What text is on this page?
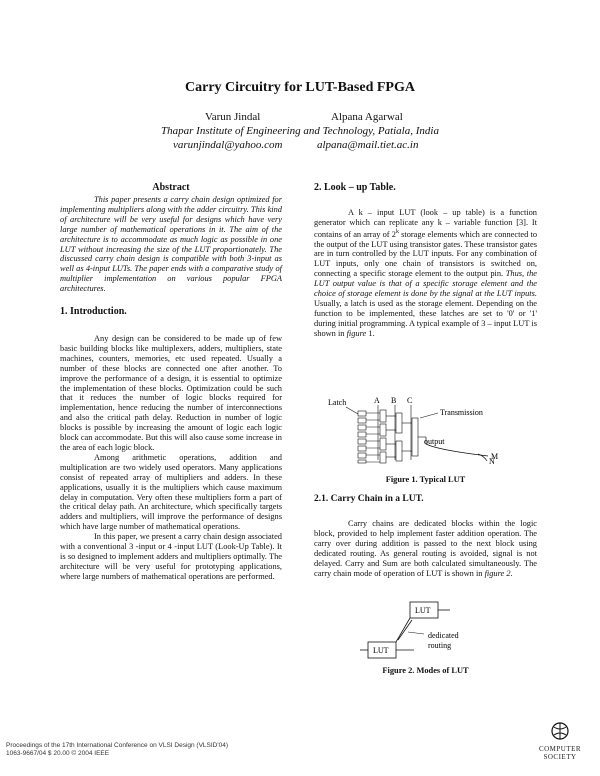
Carry Circuitry for LUT-Based FPGA
Varun Jindal	Alpana Agarwal
Thapar Institute of Engineering and Technology, Patiala, India
varunjindal@yahoo.com	alpana@mail.tiet.ac.in
Abstract

This paper presents a carry chain design optimized for implementing multipliers along with the adder circuitry. This kind of architecture will be very useful for designs which have very large number of mathematical operations in it. The aim of the architecture is to accommodate as much logic as possible in one LUT without increasing the size of the LUT proportionately. The discussed carry chain design is compatible with both 3-input as well as 4-input LUTs. The paper ends with a comparative study of multiplier implementation on various popular FPGA architectures.

1. Introduction.

Any design can be considered to be made up of few basic building blocks like multiplexers, adders, multipliers, state machines, counters, memories, etc used repeated. Usually a number of these blocks are connected one after another. To improve the performance of a design, it is essential to optimize the implementation of these blocks. Optimization could be such that it reduces the number of logic blocks required for implementation, hence reducing the number of interconnections and also the critical path delay. Reduction in number of logic blocks is possible by increasing the amount of logic each logic block can accommodate. But this will also cause some increase in the area of each logic block.

Among arithmetic operations, addition and multiplication are two widely used operators. Many applications consist of repeated array of multipliers and adders. In these applications, usually it is the multipliers which cause maximum delay in computation. Very often these multipliers form a part of the critical delay path. An architecture, which specifically targets adders and multipliers, will improve the performance of designs which have large number of mathematical operations.

In this paper, we present a carry chain design associated with a conventional 3 -input or 4 -input LUT (Look-Up Table). It is so designed to implement adders and multipliers optimally. The architecture will be very useful for prototyping applications, where large numbers of mathematical operations are performed.

2. Look – up Table.

A k – input LUT (look – up table) is a function generator which can replicate any k – variable function [3]. It contains of an array of 2$^k$ storage elements which are connected to the output of the LUT using transistor gates. These transistor gates are in turn controlled by the LUT inputs. For any combination of LUT inputs, only one chain of transistors is switched on, connecting a specific storage element to the output pin. Thus, the LUT output value is that of a specific storage element and the choice of storage element is done by the signal at the LUT inputs. Usually, a latch is used as the storage element. Depending on the function to be implemented, these latches are set to '0' or '1' during initial programming. A typical example of 3 – input LUT is shown in figure 1.

Latch	A B C
Transmission
output
M
N
Figure 1. Typical LUT
2.1. Carry Chain in a LUT.

Carry chains are dedicated blocks within the logic block, provided to help implement faster addition operation. The carry over during addition is passed to the next block using dedicated routing. As general routing is avoided, signal is not delayed. Carry and Sum are both calculated simultaneously. The carry chain mode of operation of LUT is shown in figure 2.

LUT
LUT
dedicated
routing
Figure 2. Modes of LUT
Proceedings of the 17th International Conference on VLSI Design (VLSID'04)
1063-9667/04 $ 20.00 © 2004 IEEE
COMPUTER
SOCIETY
